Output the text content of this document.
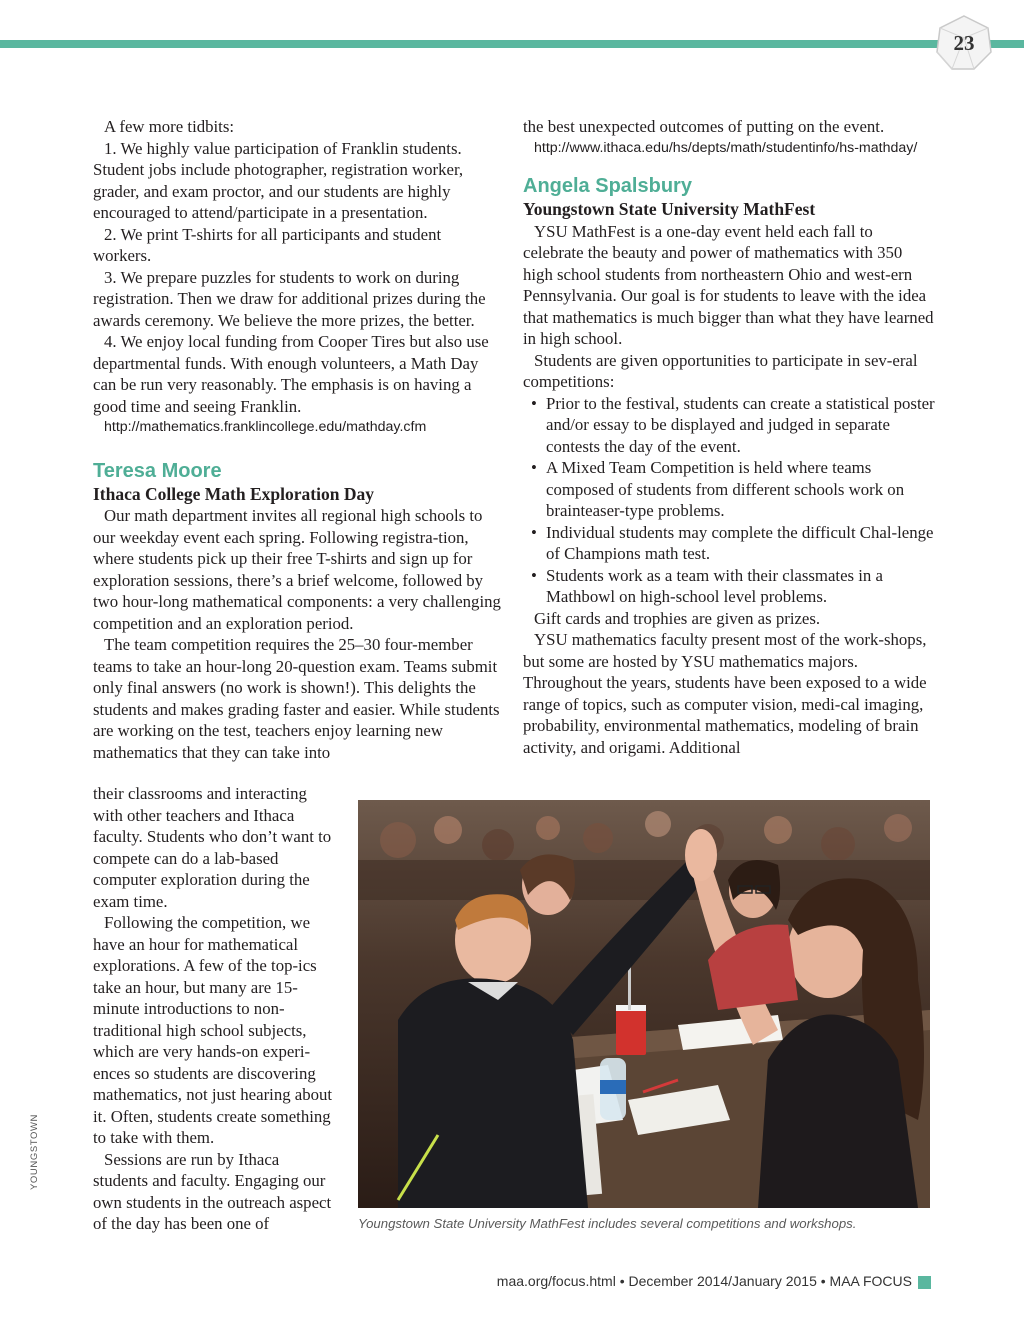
23

A few more tidbits:

1. We highly value participation of Franklin students. Student jobs include photographer, registration worker, grader, and exam proctor, and our students are highly encouraged to attend/participate in a presentation.

2. We print T-shirts for all participants and student workers.

3. We prepare puzzles for students to work on during registration. Then we draw for additional prizes during the awards ceremony. We believe the more prizes, the better.

4. We enjoy local funding from Cooper Tires but also use departmental funds. With enough volunteers, a Math Day can be run very reasonably. The emphasis is on having a good time and seeing Franklin.

http://mathematics.franklincollege.edu/mathday.cfm

Teresa Moore
Ithaca College Math Exploration Day

Our math department invites all regional high schools to our weekday event each spring. Following registra-tion, where students pick up their free T-shirts and sign up for exploration sessions, there’s a brief welcome, followed by two hour-long mathematical components: a very challenging competition and an exploration period.

The team competition requires the 25–30 four-member teams to take an hour-long 20-question exam. Teams submit only final answers (no work is shown!). This delights the students and makes grading faster and easier. While students are working on the test, teachers enjoy learning new mathematics that they can take into

their classrooms and interacting with other teachers and Ithaca faculty. Students who don’t want to compete can do a lab-based computer exploration during the exam time.

Following the competition, we have an hour for mathematical explorations. A few of the top-ics take an hour, but many are 15-minute introductions to non-traditional high school subjects, which are very hands-on experi-ences so students are discovering mathematics, not just hearing about it. Often, students create something to take with them.

Sessions are run by Ithaca students and faculty. Engaging our own students in the outreach aspect of the day has been one of

the best unexpected outcomes of putting on the event.

http://www.ithaca.edu/hs/depts/math/studentinfo/hs-mathday/

Angela Spalsbury
Youngstown State University MathFest

YSU MathFest is a one-day event held each fall to celebrate the beauty and power of mathematics with 350 high school students from northeastern Ohio and west-ern Pennsylvania. Our goal is for students to leave with the idea that mathematics is much bigger than what they have learned in high school.

Students are given opportunities to participate in sev-eral competitions:

• Prior to the festival, students can create a statistical poster and/or essay to be displayed and judged in separate contests the day of the event.
• A Mixed Team Competition is held where teams composed of students from different schools work on brainteaser-type problems.
• Individual students may complete the difficult Chal-lenge of Champions math test.
• Students work as a team with their classmates in a Mathbowl on high-school level problems.

Gift cards and trophies are given as prizes.

YSU mathematics faculty present most of the work-shops, but some are hosted by YSU mathematics majors. Throughout the years, students have been exposed to a wide range of topics, such as computer vision, medi-cal imaging, probability, environmental mathematics, modeling of brain activity, and origami. Additional

Youngstown State University MathFest includes several competitions and workshops.
YOUNGSTOWN
maa.org/focus.html • December 2014/January 2015 • MAA FOCUS
